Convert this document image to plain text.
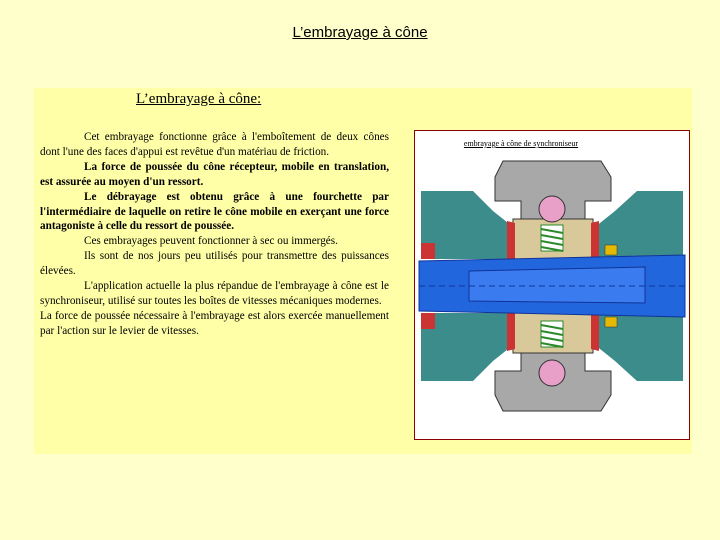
L’embrayage à cône
L’embrayage à cône:

Cet embrayage fonctionne grâce à l'emboîtement de deux cônes dont l'une des faces d'appui est revêtue d'un matériau de friction.

La force de poussée du cône récepteur, mobile en translation, est assurée au moyen d'un ressort.

Le débrayage est obtenu grâce à une fourchette par l'intermédiaire de laquelle on retire le cône mobile en exerçant une force antagoniste à celle du ressort de poussée.

Ces embrayages peuvent fonctionner à sec ou immergés.

Ils sont de nos jours peu utilisés pour transmettre des puissances élevées.

L'application actuelle la plus répandue de l'embrayage à cône est le synchroniseur, utilisé sur toutes les boîtes de vitesses mécaniques modernes.

La force de poussée nécessaire à l'embrayage est alors exercée manuellement par l'action sur le levier de vitesses.

embrayage à cône de synchroniseur
